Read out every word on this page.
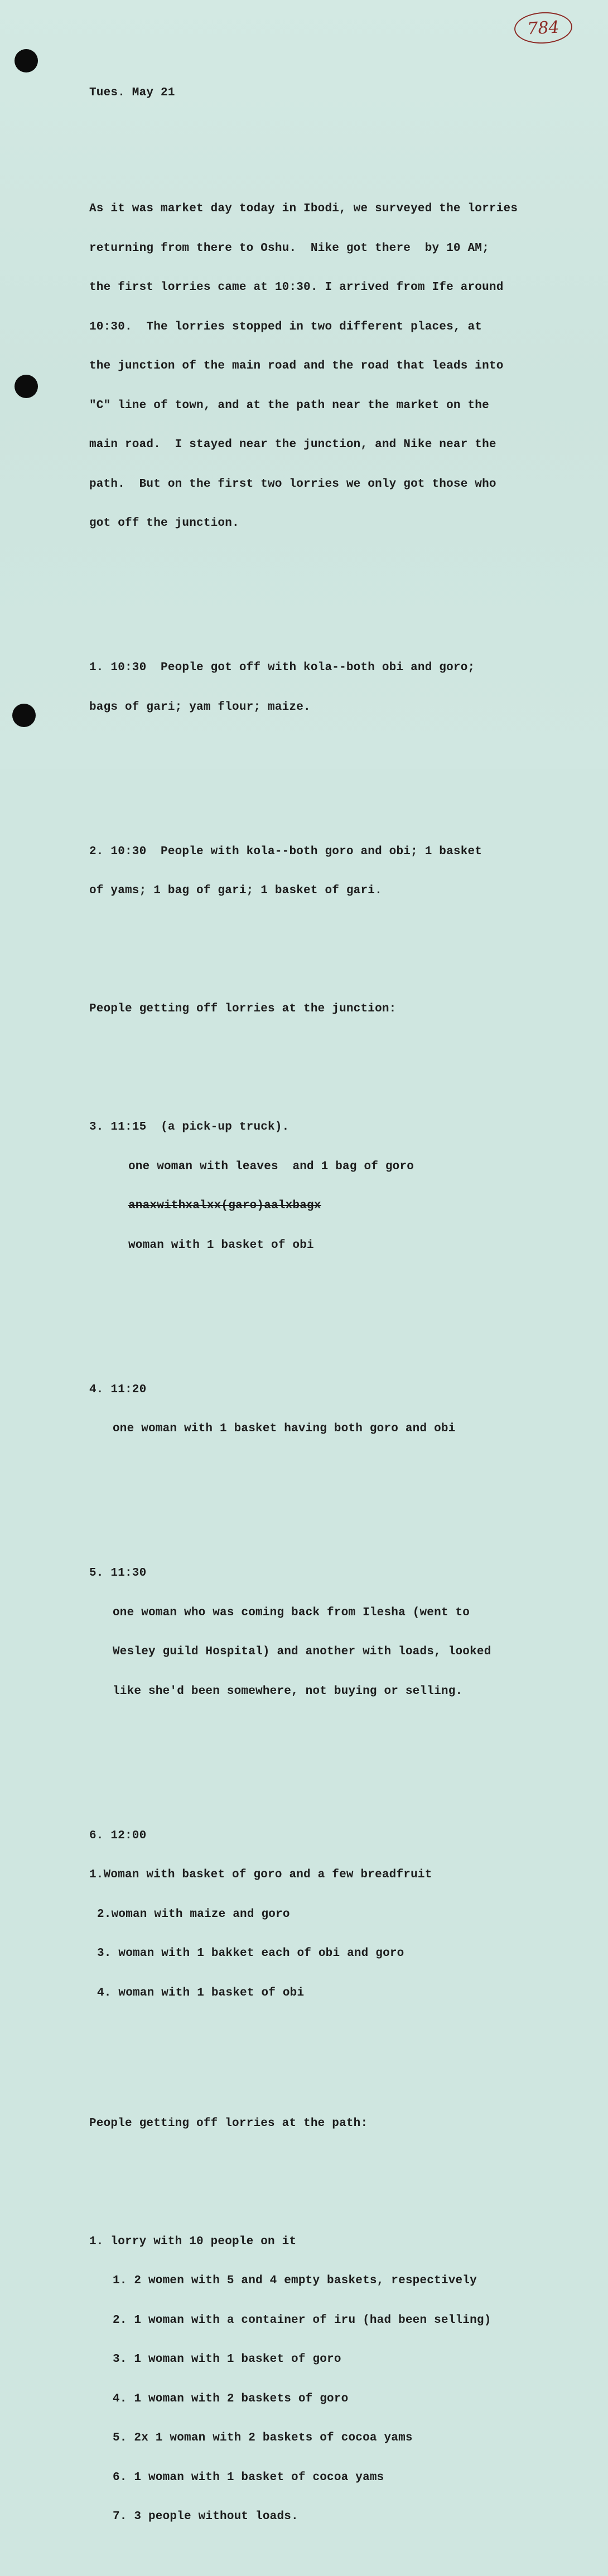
784

Tues. May 21

As it was market day today in Ibodi, we surveyed the lorries

returning from there to Oshu.  Nike got there  by 10 AM;

the first lorries came at 10:30. I arrived from Ife around

10:30.  The lorries stopped in two different places, at

the junction of the main road and the road that leads into

"C" line of town, and at the path near the market on the

main road.  I stayed near the junction, and Nike near the

path.  But on the first two lorries we only got those who

got off the junction.

1. 10:30  People got off with kola--both obi and goro;

bags of gari; yam flour; maize.

2. 10:30  People with kola--both goro and obi; 1 basket

of yams; 1 bag of gari; 1 basket of gari.

People getting off lorries at the junction:

3. 11:15  (a pick-up truck).

one woman with leaves  and 1 bag of goro

anaxwithxalxx(garo)aalxbagx

woman with 1 basket of obi

4. 11:20

one woman with 1 basket having both goro and obi

5. 11:30

one woman who was coming back from Ilesha (went to

Wesley guild Hospital) and another with loads, looked

like she'd been somewhere, not buying or selling.

6. 12:00

1.Woman with basket of goro and a few breadfruit

2.woman with maize and goro

3. woman with 1 bakket each of obi and goro

4. woman with 1 basket of obi

People getting off lorries at the path:

1. lorry with 10 people on it

1. 2 women with 5 and 4 empty baskets, respectively

2. 1 woman with a container of iru (had been selling)

3. 1 woman with 1 basket of goro

4. 1 woman with 2 baskets of goro

5. 2x 1 woman with 2 baskets of cocoa yams

6. 1 woman with 1 basket of cocoa yams

7. 3 people without loads.
